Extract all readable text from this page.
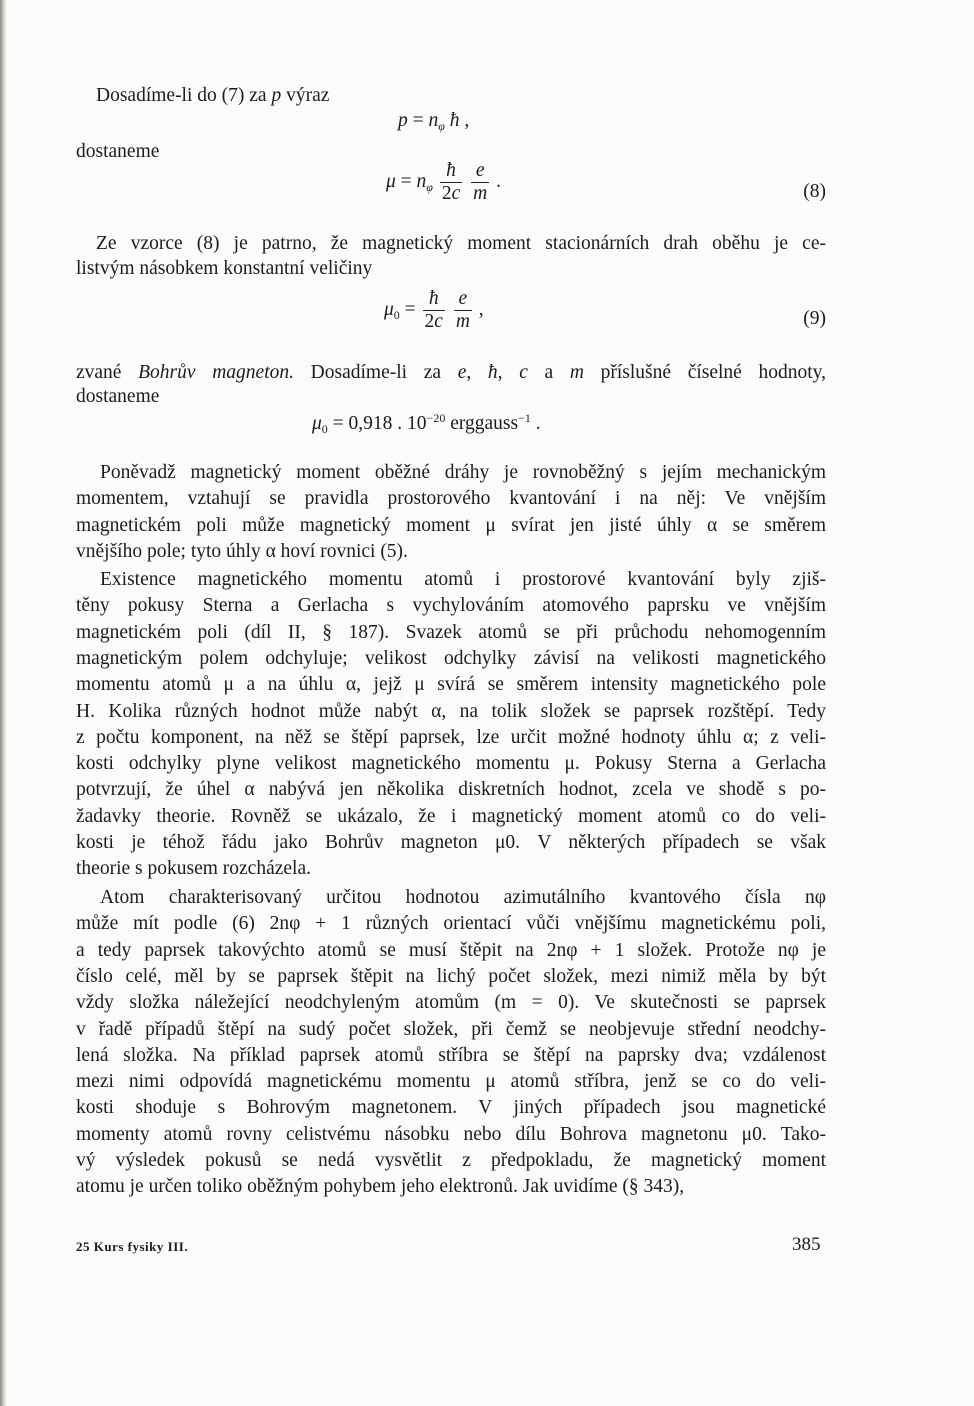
Dosadíme-li do (7) za p výraz
$p = n_\varphi$ ħ ,
dostaneme
$\mu = n_\varphi \frac{ħ}{2c}$
$\frac{e}{m}$ .	(8)
Ze vzorce (8) je patrno, že magnetický moment stacionárních drah oběhu je ce-
listvým násobkem konstantní veličiny
$\mu_0 = \frac{ħ}{2c}$
$\frac{e}{m}$ ,	(9)
zvané Bohrův magneton. Dosadíme-li za e, ħ, c a m příslušné číselné hodnoty,
dostaneme
$\mu_0 = 0,918$ . $10^{-20}$ erggauss$^{-1}$ .
Poněvadž magnetický moment oběžné dráhy je rovnoběžný s jejím mechanickým
momentem, vztahují se pravidla prostorového kvantování i na něj: Ve vnějším
magnetickém poli může magnetický moment μ svírat jen jisté úhly α se směrem
vnějšího pole; tyto úhly α hoví rovnici (5).
Existence magnetického momentu atomů i prostorové kvantování byly zjiš-
těny pokusy Sterna a Gerlacha s vychylováním atomového paprsku ve vnějším
magnetickém poli (díl II, § 187). Svazek atomů se při průchodu nehomogenním
magnetickým polem odchyluje; velikost odchylky závisí na velikosti magnetického
momentu atomů μ a na úhlu α, jejž μ svírá se směrem intensity magnetického pole
H. Kolika různých hodnot může nabýt α, na tolik složek se paprsek rozštěpí. Tedy
z počtu komponent, na něž se štěpí paprsek, lze určit možné hodnoty úhlu α; z veli-
kosti odchylky plyne velikost magnetického momentu μ. Pokusy Sterna a Gerlacha
potvrzují, že úhel α nabývá jen několika diskretních hodnot, zcela ve shodě s po-
žadavky theorie. Rovněž se ukázalo, že i magnetický moment atomů co do veli-
kosti je téhož řádu jako Bohrův magneton μ0. V některých případech se však
theorie s pokusem rozcházela.
Atom charakterisovaný určitou hodnotou azimutálního kvantového čísla nφ
může mít podle (6) 2nφ + 1 různých orientací vůči vnějšímu magnetickému poli,
a tedy paprsek takovýchto atomů se musí štěpit na 2nφ + 1 složek. Protože nφ je
číslo celé, měl by se paprsek štěpit na lichý počet složek, mezi nimiž měla by být
vždy složka náležející neodchyleným atomům (m = 0). Ve skutečnosti se paprsek
v řadě případů štěpí na sudý počet složek, při čemž se neobjevuje střední neodchy-
lená složka. Na příklad paprsek atomů stříbra se štěpí na paprsky dva; vzdálenost
mezi nimi odpovídá magnetickému momentu μ atomů stříbra, jenž se co do veli-
kosti shoduje s Bohrovým magnetonem. V jiných případech jsou magnetické
momenty atomů rovny celistvému násobku nebo dílu Bohrova magnetonu μ0. Tako-
vý výsledek pokusů se nedá vysvětlit z předpokladu, že magnetický moment
atomu je určen toliko oběžným pohybem jeho elektronů. Jak uvidíme (§ 343),
25 Kurs fysiky III.	385
